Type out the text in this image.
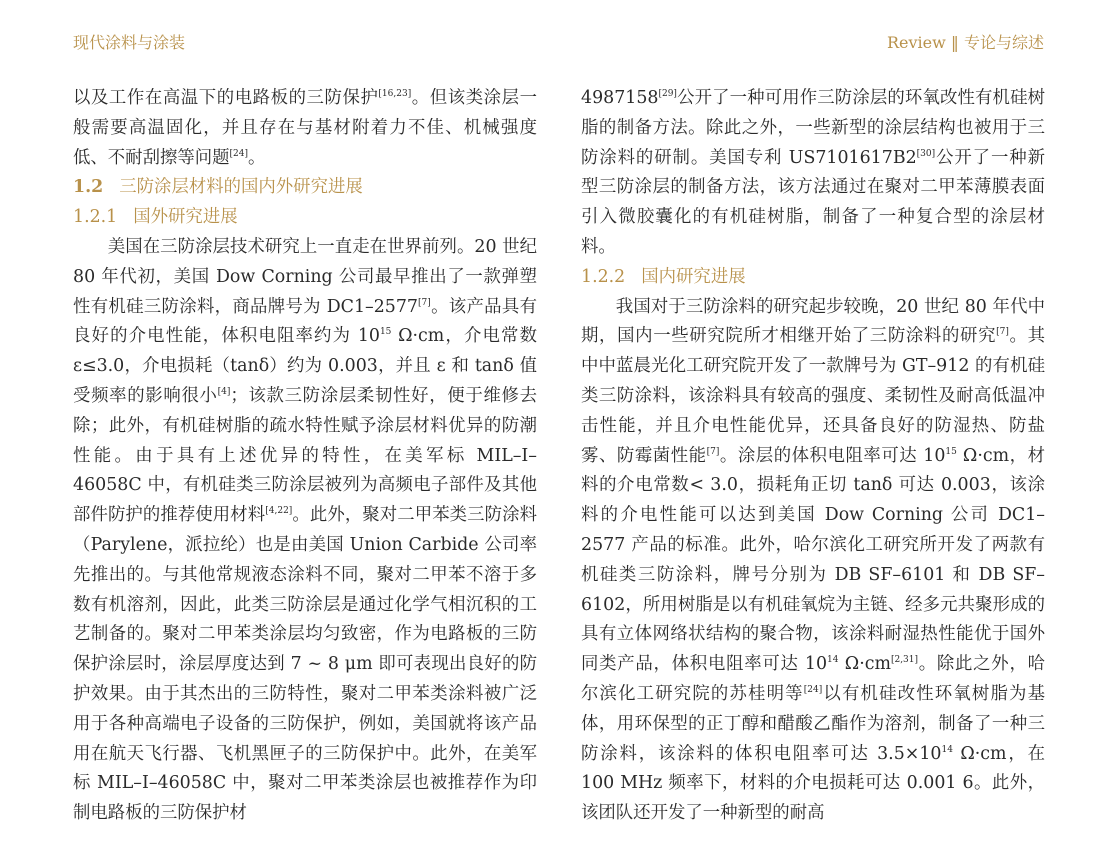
现代涂料与涂装	Review ‖ 专论与综述

以及工作在高温下的电路板的三防保护[16,23]。但该类涂层一般需要高温固化，并且存在与基材附着力不佳、机械强度低、不耐刮擦等问题[24]。

1.2 三防涂层材料的国内外研究进展
1.2.1 国外研究进展

美国在三防涂层技术研究上一直走在世界前列。20 世纪 80 年代初，美国 Dow Corning 公司最早推出了一款弹塑性有机硅三防涂料，商品牌号为 DC1–2577[7]。该产品具有良好的介电性能，体积电阻率约为 $10^{15}$ Ω·cm，介电常数 ε≤3.0，介电损耗（tanδ）约为 0.003，并且 ε 和 tanδ 值受频率的影响很小[4]；该款三防涂层柔韧性好，便于维修去除；此外，有机硅树脂的疏水特性赋予涂层材料优异的防潮性能。由于具有上述优异的特性，在美军标 MIL–I–46058C 中，有机硅类三防涂层被列为高频电子部件及其他部件防护的推荐使用材料[4,22]。此外，聚对二甲苯类三防涂料（Parylene，派拉纶）也是由美国 Union Carbide 公司率先推出的。与其他常规液态涂料不同，聚对二甲苯不溶于多数有机溶剂，因此，此类三防涂层是通过化学气相沉积的工艺制备的。聚对二甲苯类涂层均匀致密，作为电路板的三防保护涂层时，涂层厚度达到 7 ~ 8 μm 即可表现出良好的防护效果。由于其杰出的三防特性，聚对二甲苯类涂料被广泛用于各种高端电子设备的三防保护，例如，美国就将该产品用在航天飞行器、飞机黑匣子的三防保护中。此外，在美军标 MIL–I–46058C 中，聚对二甲苯类涂层也被推荐作为印制电路板的三防保护材

4987158[29]公开了一种可用作三防涂层的环氧改性有机硅树脂的制备方法。除此之外，一些新型的涂层结构也被用于三防涂料的研制。美国专利 US7101617B2[30]公开了一种新型三防涂层的制备方法，该方法通过在聚对二甲苯薄膜表面引入微胶囊化的有机硅树脂，制备了一种复合型的涂层材料。

1.2.2 国内研究进展

我国对于三防涂料的研究起步较晚，20 世纪 80 年代中期，国内一些研究院所才相继开始了三防涂料的研究[7]。其中中蓝晨光化工研究院开发了一款牌号为 GT–912 的有机硅类三防涂料，该涂料具有较高的强度、柔韧性及耐高低温冲击性能，并且介电性能优异，还具备良好的防湿热、防盐雾、防霉菌性能[7]。涂层的体积电阻率可达 $10^{15}$ Ω·cm，材料的介电常数< 3.0，损耗角正切 tanδ 可达 0.003，该涂料的介电性能可以达到美国 Dow Corning 公司 DC1–2577 产品的标准。此外，哈尔滨化工研究所开发了两款有机硅类三防涂料，牌号分别为 DB SF–6101 和 DB SF–6102，所用树脂是以有机硅氧烷为主链、经多元共聚形成的具有立体网络状结构的聚合物，该涂料耐湿热性能优于国外同类产品，体积电阻率可达 $10^{14}$ Ω·cm[2,31]。除此之外，哈尔滨化工研究院的苏桂明等[24]以有机硅改性环氧树脂为基体，用环保型的正丁醇和醋酸乙酯作为溶剂，制备了一种三防涂料，该涂料的体积电阻率可达 $3.5\times 10^{14}$ Ω·cm，在 100 MHz 频率下，材料的介电损耗可达 0.001 6。此外，该团队还开发了一种新型的耐高
